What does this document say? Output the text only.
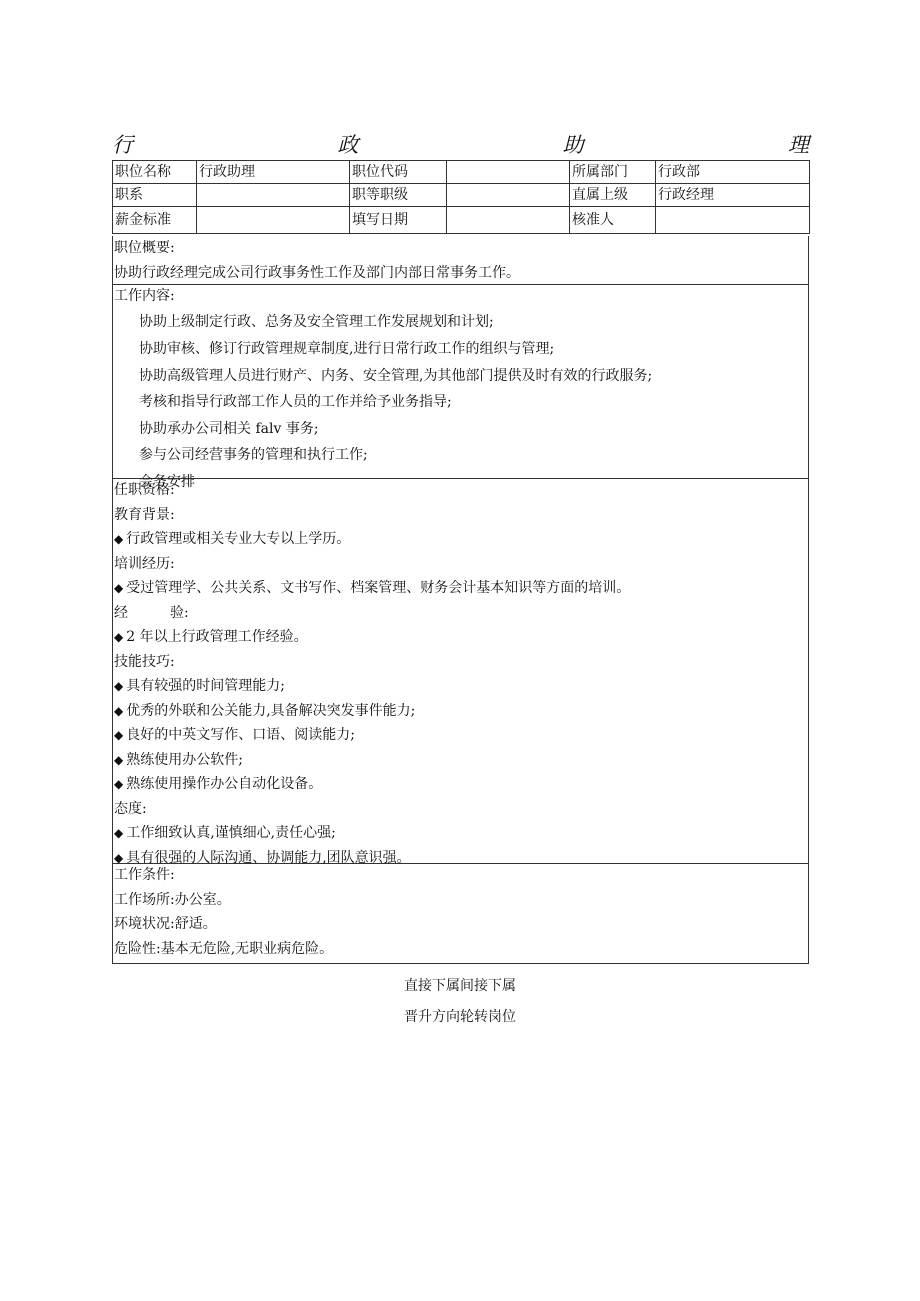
行	政	助	理
职位名称	行政助理	职位代码		所属部门	行政部
职系		职等职级		直属上级	行政经理
薪金标准		填写日期		核准人	
职位概要:
协助行政经理完成公司行政事务性工作及部门内部日常事务工作。
工作内容:
协助上级制定行政、总务及安全管理工作发展规划和计划;
协助审核、修订行政管理规章制度,进行日常行政工作的组织与管理;
协助高级管理人员进行财产、内务、安全管理,为其他部门提供及时有效的行政服务;
考核和指导行政部工作人员的工作并给予业务指导;
协助承办公司相关 falv 事务;
参与公司经营事务的管理和执行工作;
会务安排
任职资格:
教育背景:
◆ 行政管理或相关专业大专以上学历。
培训经历:
◆ 受过管理学、公共关系、文书写作、档案管理、财务会计基本知识等方面的培训。
经	验:
◆ 2 年以上行政管理工作经验。
技能技巧:
◆ 具有较强的时间管理能力;
◆ 优秀的外联和公关能力,具备解决突发事件能力;
◆ 良好的中英文写作、口语、阅读能力;
◆ 熟练使用办公软件;
◆ 熟练使用操作办公自动化设备。
态度:
◆ 工作细致认真,谨慎细心,责任心强;
◆ 具有很强的人际沟通、协调能力,团队意识强。
工作条件:
工作场所:办公室。
环境状况:舒适。
危险性:基本无危险,无职业病危险。
直接下属间接下属
晋升方向轮转岗位
